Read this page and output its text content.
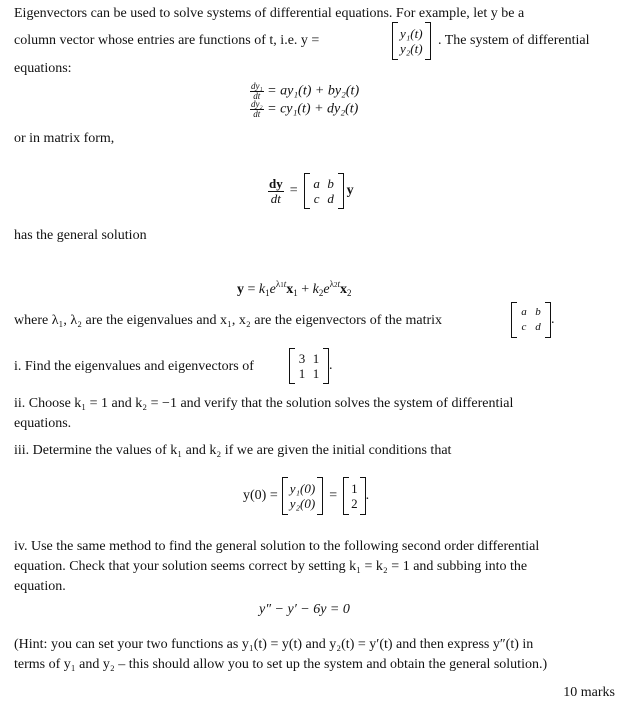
Eigenvectors can be used to solve systems of differential equations. For example, let y be a
column vector whose entries are functions of t, i.e. y =	y₁(t)
y₂(t)
. The system of differential
equations:
$\frac{\text{dy₁}}{dt} = ay_1(t) + by_2(t)$
$\frac{\text{dy₂}}{dt} = cy_1(t) + dy_2(t)$
or in matrix form,
$\frac{dy}{dt} = a$ b
c d
y
has the general solution
$y = k_1e^{\lambda 1t}x_1 + k_2e^{\lambda 2t}x_2$
where λ₁, λ₂ are the eigenvalues and x₁, x₂ are the eigenvectors of the matrix
a b
c d .
i. Find the eigenvalues and eigenvectors of
3 1
1 1
.
ii. Choose k₁ = 1 and k₂ = −1 and verify that the solution solves the system of differential
equations.
iii. Determine the values of k₁ and k₂ if we are given the initial conditions that
y(0) = y₁(0)
y₂(0)
= 1
2
.
iv. Use the same method to find the general solution to the following second order differential
equation. Check that your solution seems correct by setting k₁ = k₂ = 1 and subbing into the
equation.
y″ − y′ − 6y = 0
(Hint: you can set your two functions as y₁(t) = y(t) and y₂(t) = y′(t) and then express y″(t) in
terms of y₁ and y₂ – this should allow you to set up the system and obtain the general solution.)
10 marks
